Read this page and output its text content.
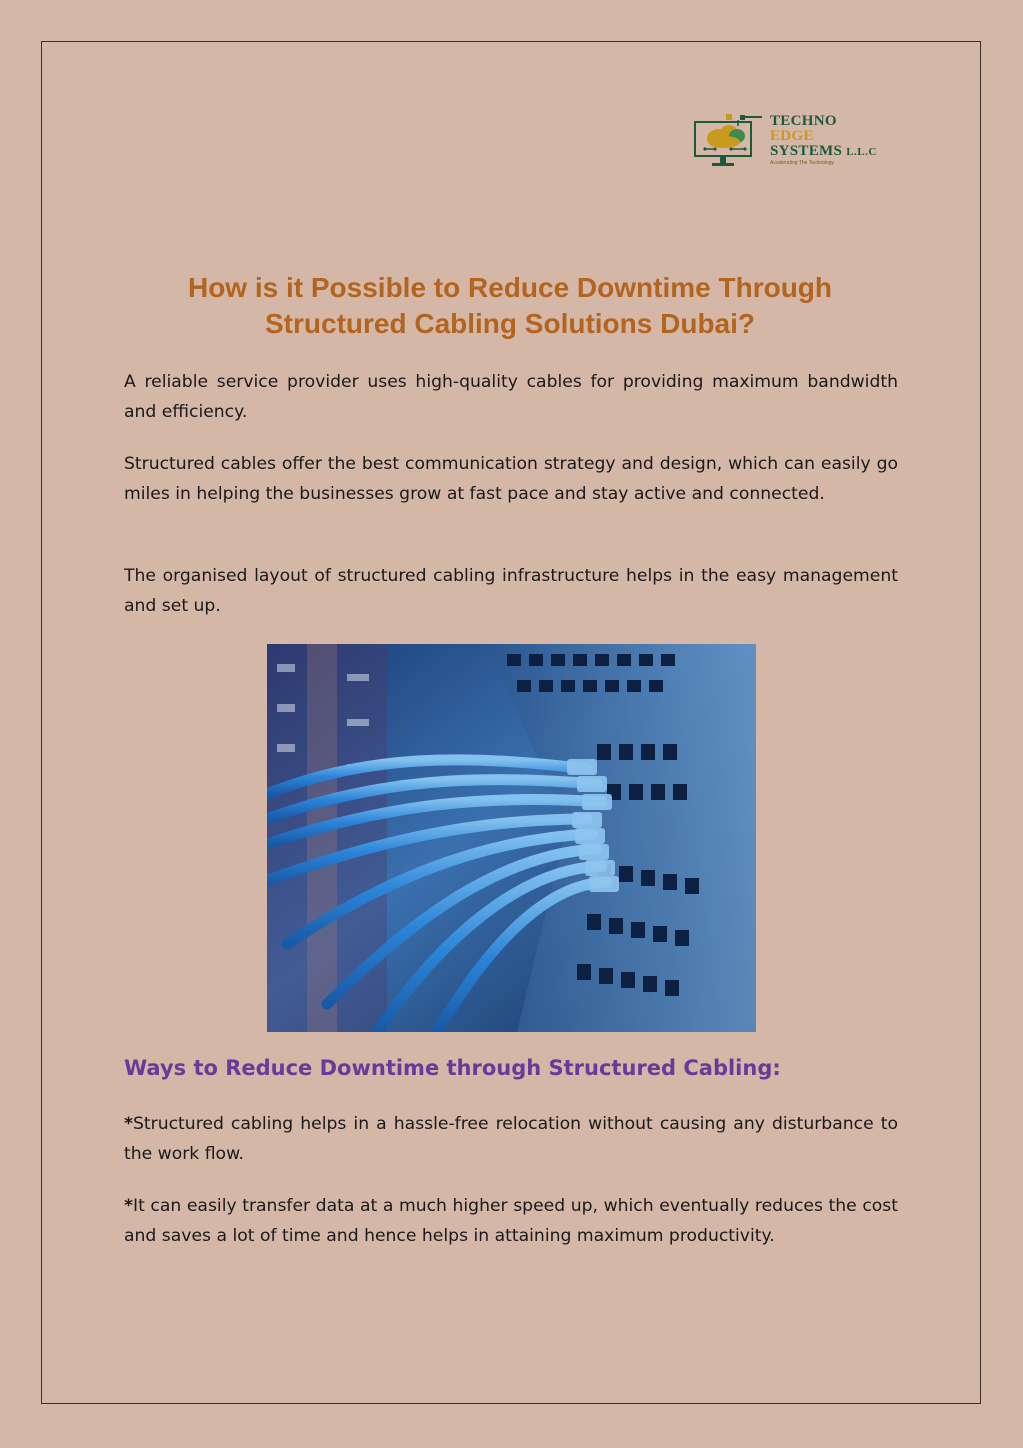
TECHNO
EDGE
SYSTEMS L.L.C
Accelerating The Technology
How is it Possible to Reduce Downtime Through Structured Cabling Solutions Dubai?

A reliable service provider uses high-quality cables for providing maximum bandwidth and efficiency.

Structured cables offer the best communication strategy and design, which can easily go miles in helping the businesses grow at fast pace and stay active and connected.

The organised layout of structured cabling infrastructure helps in the easy management and set up.

Ways to Reduce Downtime through Structured Cabling:

*Structured cabling helps in a hassle-free relocation without causing any disturbance to the work flow.

*It can easily transfer data at a much higher speed up, which eventually reduces the cost and saves a lot of time and hence helps in attaining maximum productivity.
